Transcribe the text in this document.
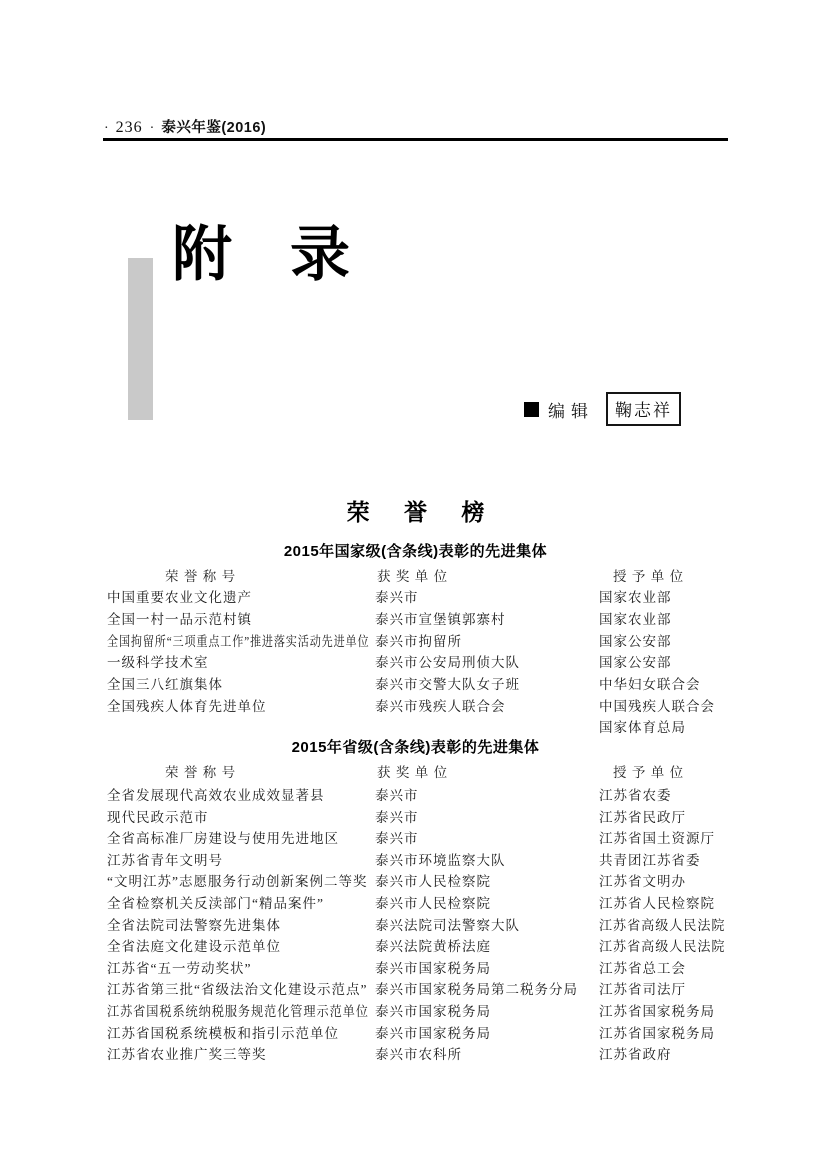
· 236 · 泰兴年鉴(2016)
附 录
编辑	鞠志祥
荣 誉 榜
2015年国家级(含条线)表彰的先进集体
荣 誉 称 号	获 奖 单 位	授 予 单 位
中国重要农业文化遗产	泰兴市	国家农业部
全国一村一品示范村镇	泰兴市宣堡镇郭寨村	国家农业部
全国拘留所“三项重点工作”推进落实活动先进单位 泰兴市拘留所	国家公安部
一级科学技术室	泰兴市公安局刑侦大队	国家公安部
全国三八红旗集体	泰兴市交警大队女子班	中华妇女联合会
全国残疾人体育先进单位	泰兴市残疾人联合会	中国残疾人联合会
国家体育总局
2015年省级(含条线)表彰的先进集体
荣 誉 称 号	获 奖 单 位	授 予 单 位
全省发展现代高效农业成效显著县	泰兴市	江苏省农委
现代民政示范市	泰兴市	江苏省民政厅
全省高标准厂房建设与使用先进地区	泰兴市	江苏省国土资源厅
江苏省青年文明号	泰兴市环境监察大队	共青团江苏省委
“文明江苏”志愿服务行动创新案例二等奖 泰兴市人民检察院	江苏省文明办
全省检察机关反渎部门“精品案件”	泰兴市人民检察院	江苏省人民检察院
全省法院司法警察先进集体	泰兴法院司法警察大队	江苏省高级人民法院
全省法庭文化建设示范单位	泰兴法院黄桥法庭	江苏省高级人民法院
江苏省“五一劳动奖状”	泰兴市国家税务局	江苏省总工会
江苏省第三批“省级法治文化建设示范点” 泰兴市国家税务局第二税务分局	江苏省司法厅
江苏省国税系统纳税服务规范化管理示范单位 泰兴市国家税务局	江苏省国家税务局
江苏省国税系统模板和指引示范单位	泰兴市国家税务局	江苏省国家税务局
江苏省农业推广奖三等奖	泰兴市农科所	江苏省政府
